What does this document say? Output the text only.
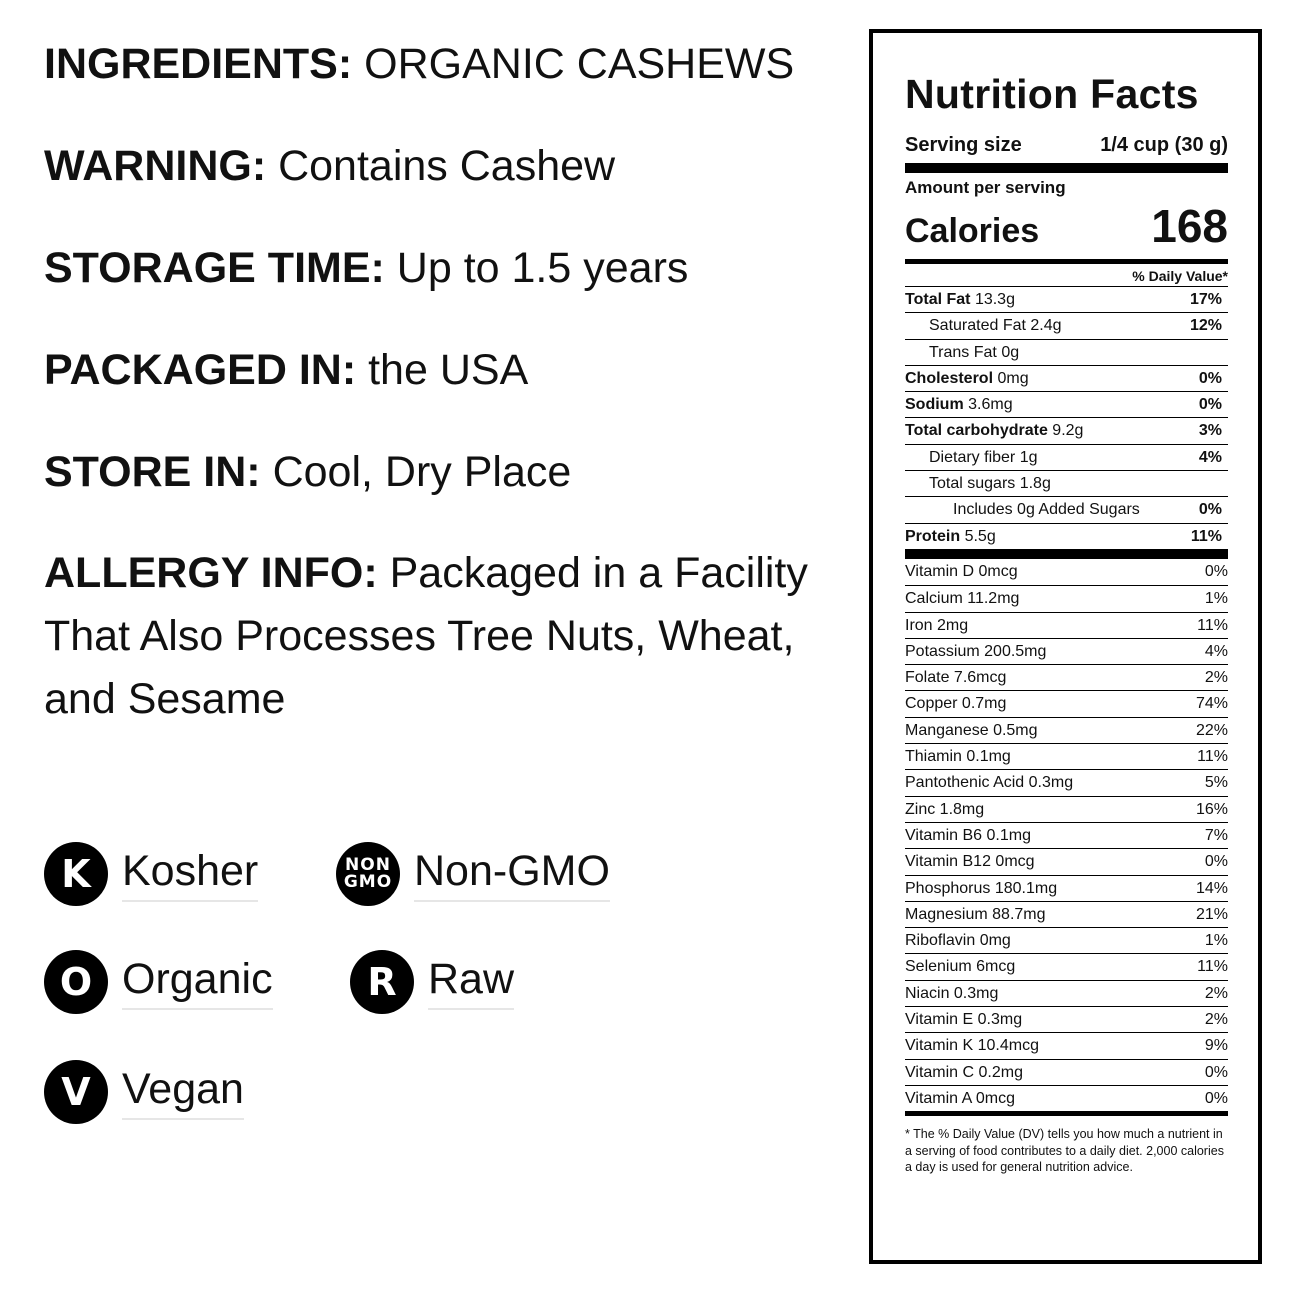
INGREDIENTS: ORGANIC CASHEWS
WARNING: Contains Cashew
STORAGE TIME: Up to 1.5 years
PACKAGED IN: the USA
STORE IN: Cool, Dry Place
ALLERGY INFO: Packaged in a Facility
That Also Processes Tree Nuts, Wheat,
and Sesame
K Kosher	NON
GMO Non-GMO
O Organic	R Raw
V Vegan
Nutrition Facts
Serving size	1/4 cup (30 g)
Amount per serving
Calories 168
% Daily Value*
Total Fat 13.3g	17%
Saturated Fat 2.4g	12%
Trans Fat 0g
Cholesterol 0mg	0%
Sodium 3.6mg	0%
Total carbohydrate 9.2g	3%
Dietary fiber 1g	4%
Total sugars 1.8g
Includes 0g Added Sugars	0%
Protein 5.5g	11%
Vitamin D 0mcg	0%
Calcium 11.2mg	1%
Iron 2mg	11%
Potassium 200.5mg	4%
Folate 7.6mcg	2%
Copper 0.7mg	74%
Manganese 0.5mg	22%
Thiamin 0.1mg	11%
Pantothenic Acid 0.3mg	5%
Zinc 1.8mg	16%
Vitamin B6 0.1mg	7%
Vitamin B12 0mcg	0%
Phosphorus 180.1mg	14%
Magnesium 88.7mg	21%
Riboflavin 0mg	1%
Selenium 6mcg	11%
Niacin 0.3mg	2%
Vitamin E 0.3mg	2%
Vitamin K 10.4mcg	9%
Vitamin C 0.2mg	0%
Vitamin A 0mcg	0%
* The % Daily Value (DV) tells you how much a nutrient in a serving of food contributes to a daily diet. 2,000 calories a day is used for general nutrition advice.
